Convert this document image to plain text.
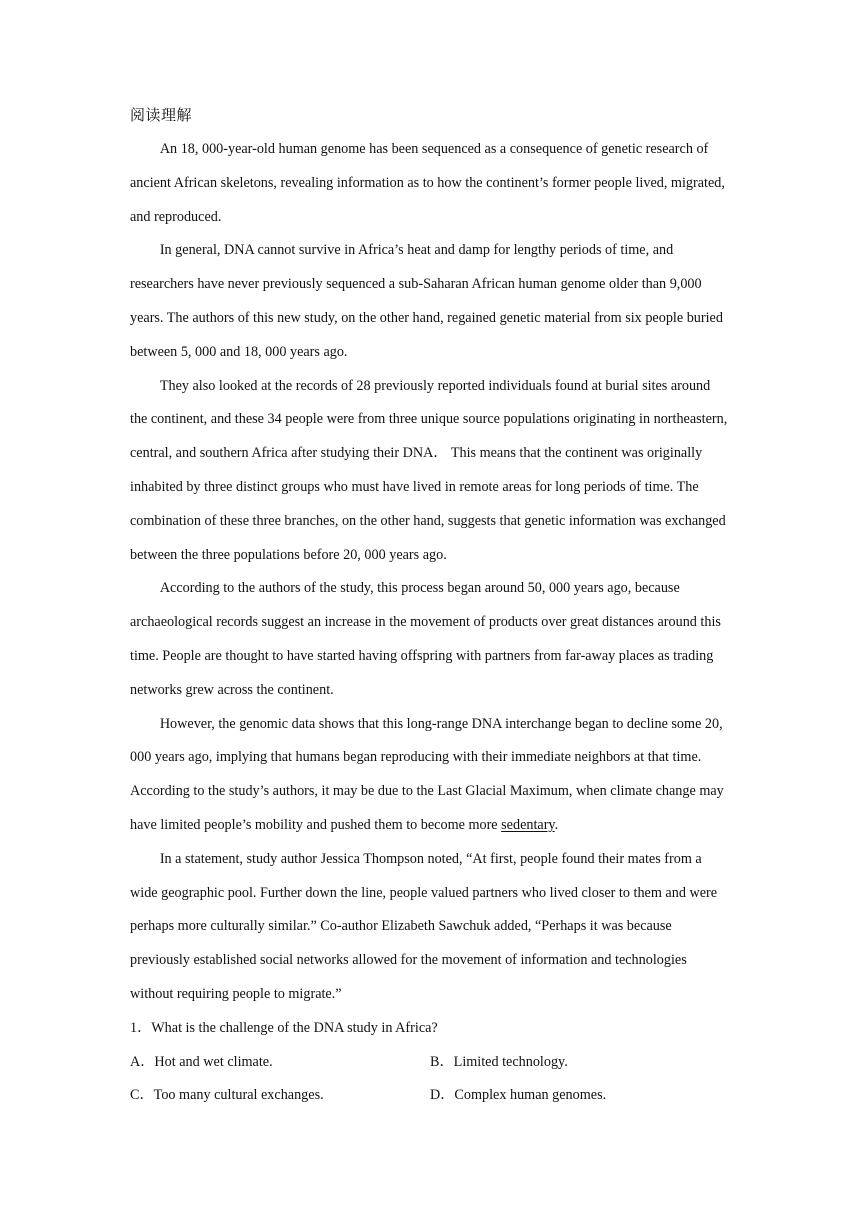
阅读理解

An 18, 000-year-old human genome has been sequenced as a consequence of genetic research of ancient African skeletons, revealing information as to how the continent’s former people lived, migrated, and reproduced.

In general, DNA cannot survive in Africa’s heat and damp for lengthy periods of time, and researchers have never previously sequenced a sub-Saharan African human genome older than 9,000 years. The authors of this new study, on the other hand, regained genetic material from six people buried between 5, 000 and 18, 000 years ago.

They also looked at the records of 28 previously reported individuals found at burial sites around the continent, and these 34 people were from three unique source populations originating in northeastern, central, and southern Africa after studying their DNA． This means that the continent was originally inhabited by three distinct groups who must have lived in remote areas for long periods of time. The combination of these three branches, on the other hand, suggests that genetic information was exchanged between the three populations before 20, 000 years ago.

According to the authors of the study, this process began around 50, 000 years ago, because archaeological records suggest an increase in the movement of products over great distances around this time. People are thought to have started having offspring with partners from far-away places as trading networks grew across the continent.

However, the genomic data shows that this long-range DNA interchange began to decline some 20, 000 years ago, implying that humans began reproducing with their immediate neighbors at that time. According to the study’s authors, it may be due to the Last Glacial Maximum, when climate change may have limited people’s mobility and pushed them to become more sedentary.

In a statement, study author Jessica Thompson noted, “At first, people found their mates from a wide geographic pool. Further down the line, people valued partners who lived closer to them and were perhaps more culturally similar.” Co-author Elizabeth Sawchuk added, “Perhaps it was because previously established social networks allowed for the movement of information and technologies without requiring people to migrate.”

1．What is the challenge of the DNA study in Africa?

A．Hot and wet climate.	B．Limited technology.
C．Too many cultural exchanges.	D．Complex human genomes.
